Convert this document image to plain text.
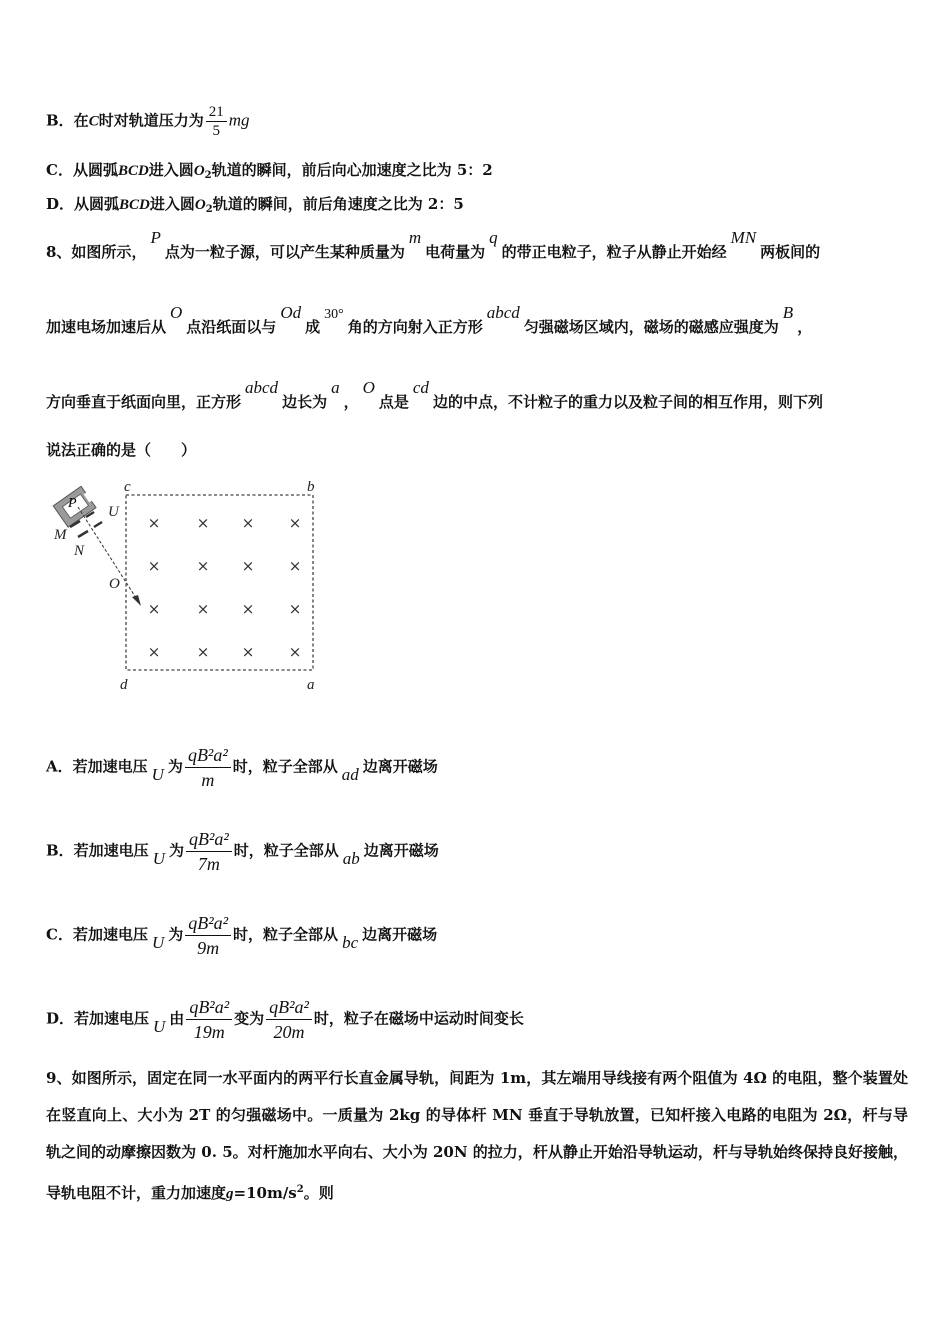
B．在C时对轨道压力为 $\frac{21}{5}$ mg
C．从圆弧BCD进入圆$O_2$轨道的瞬间，前后向心加速度之比为 5：2
D．从圆弧BCD进入圆$O_2$轨道的瞬间，前后角速度之比为 2：5
8、如图所示，P点为一粒子源，可以产生某种质量为m电荷量为q的带正电粒子，粒子从静止开始经MN两板间的
加速电场加速后从O点沿纸面以与Od成30°角的方向射入正方形abcd匀强磁场区域内，磁场的磁感应强度为B，
方向垂直于纸面向里，正方形abcd边长为a，O点是cd边的中点，不计粒子的重力以及粒子间的相互作用，则下列
说法正确的是（　　）
× × × ×
× × × ×
× × × ×
× × × ×
P
c	b
d	a
U
M
N
O
A．若加速电压 U 为 $\frac{\text{qB²a²}}{m}$ 时，粒子全部从 ad 边离开磁场
B．若加速电压 U 为 $\frac{\text{qB²a²}}{7m}$ 时，粒子全部从 ab 边离开磁场
C．若加速电压 U 为 $\frac{\text{qB²a²}}{9m}$ 时，粒子全部从 bc 边离开磁场
D．若加速电压 U 由 $\frac{\text{qB²a²}}{19m}$ 变为 $\frac{\text{qB²a²}}{20m}$ 时，粒子在磁场中运动时间变长
9、如图所示，固定在同一水平面内的两平行长直金属导轨，间距为 1m，其左端用导线接有两个阻值为 4Ω 的电阻，整个装置处在竖直向上、大小为 2T 的匀强磁场中。一质量为 2kg 的导体杆 MN 垂直于导轨放置，已知杆接入电路的电阻为 2Ω，杆与导轨之间的动摩擦因数为 0. 5。对杆施加水平向右、大小为 20N 的拉力，杆从静止开始沿导轨运动，杆与导轨始终保持良好接触，导轨电阻不计，重力加速度$g=10m/s^2$。则
